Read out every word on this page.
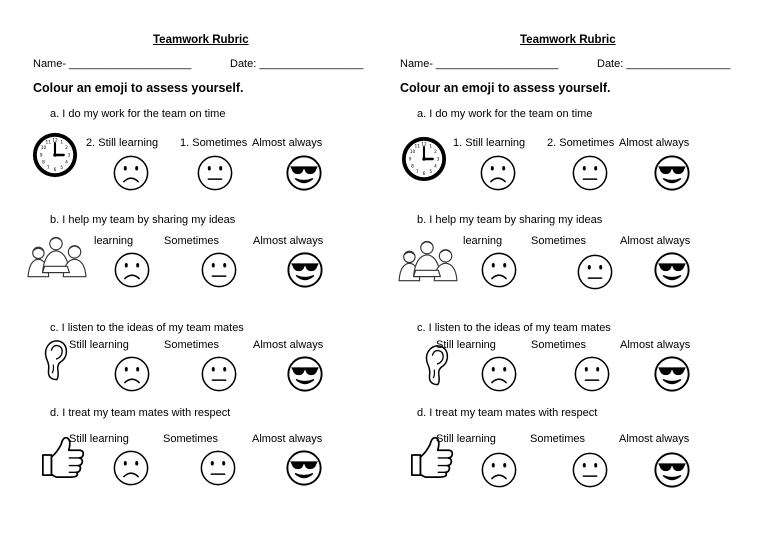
Teamwork Rubric
Name- ____________________	Date: _________________
Colour an emoji to assess yourself.
a. I do my work for the team on time
2. Still learning 1. Sometimes Almost always
b. I help my team by sharing my ideas
learning	Sometimes	Almost always
c. I listen to the ideas of my team mates
Still learning	Sometimes	Almost always
d. I treat my team mates with respect
Still learning	Sometimes	Almost always
Teamwork Rubric
Name- ____________________	Date: _________________
Colour an emoji to assess yourself.
a. I do my work for the team on time
1. Still learning 2. Sometimes Almost always
b. I help my team by sharing my ideas
learning	Sometimes	Almost always
c. I listen to the ideas of my team mates
Still learning	Sometimes	Almost always
d. I treat my team mates with respect
Still learning	Sometimes	Almost always
